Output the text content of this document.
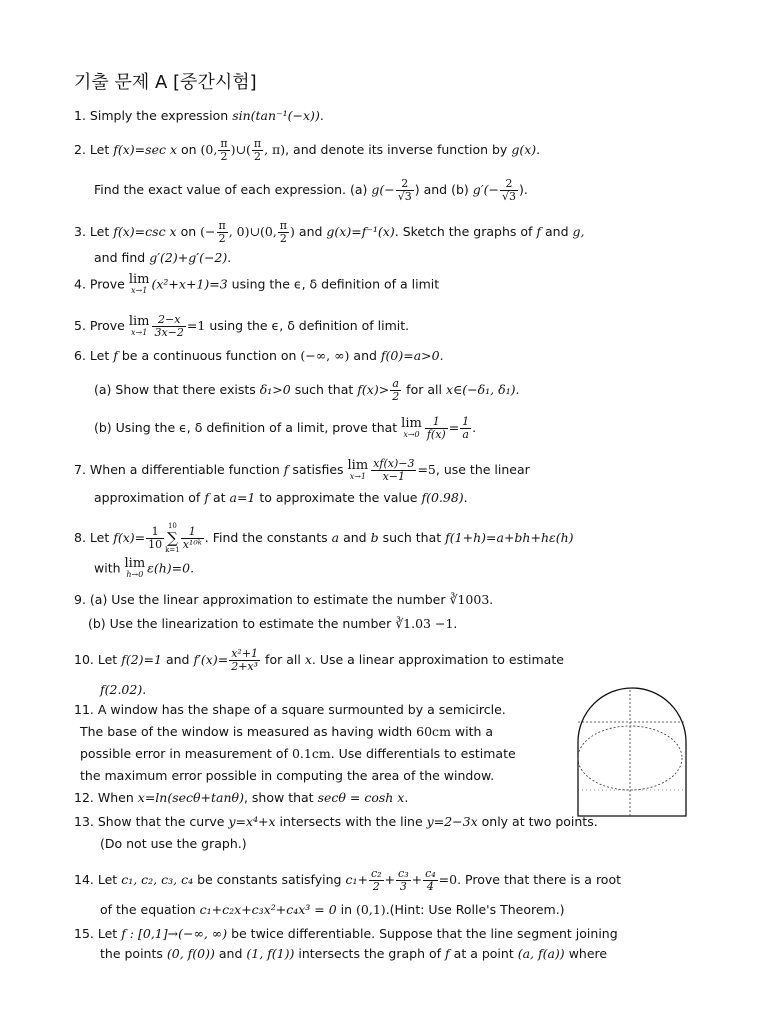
기출 문제 A [중간시험]
1. Simply the expression sin(tan⁻¹(−x)).
2. Let f(x)=sec x on (0, $\frac{\pi}{2}$ )∪( $\frac{\pi}{2}$ , π), and denote its inverse function by g(x).
Find the exact value of each expression. (a) $g(- \frac{2}{√3}$ ) and (b) $g'(- \frac{2}{√3}$ ).
3. Let f(x)=csc x on (− $\frac{\pi}{2}$ , 0)∪(0, $\frac{\pi}{2}$ ) and g(x)=f⁻¹(x). Sketch the graphs of f and g,
and find g′(2)+g′(−2).
4. Prove lim
x→1 (x²+x+1)=3 using the ϵ, δ definition of a limit
5. Prove lim
$x\to 1 \frac{2-x}{3x-2} =1$ using the ϵ, δ definition of limit.
6. Let f be a continuous function on (−∞, ∞) and f(0)=a>0.
(a) Show that there exists δ₁>0 such that $f(x)> \frac{a}{2}$ for all x∈(−δ₁, δ₁).
(b) Using the ϵ, δ definition of a limit, prove that lim
$x\to 0 \frac{1}{f(x)} = \frac{1}{a}$ .
7. When a differentiable function f satisfies lim
$x\to 1 \frac{xf(x)-3}{x-1} =5$, use the linear
approximation of f at a=1 to approximate the value f(0.98).
8. Let $f(x)= \frac{1}{10} 10$
∑
$k=1 \frac{1}{\text{x¹⁰ᵏ}}$ . Find the constants a and b such that f(1+h)=a+bh+hε(h)
with lim
h→0 ε(h)=0.
9. (a) Use the linear approximation to estimate the number ∛1003.
(b) Use the linearization to estimate the number ∛1.03 −1.
10. Let f(2)=1 and $f'(x)= \frac{\text{x²+1}}{\text{2+x³}}$ for all x. Use a linear approximation to estimate
f(2.02).
11. A window has the shape of a square surmounted by a semicircle.
The base of the window is measured as having width 60cm with a
possible error in measurement of 0.1cm. Use differentials to estimate
the maximum error possible in computing the area of the window.
12. When x=ln(secθ+tanθ), show that secθ = cosh x.
13. Show that the curve y=x⁴+x intersects with the line y=2−3x only at two points.
(Do not use the graph.)
14. Let c₁, c₂, c₃, c₄ be constants satisfying $c_1+ \frac{\text{c₂}}{2} + \frac{\text{c₃}}{3} + \frac{\text{c₄}}{4} =0$. Prove that there is a root
of the equation c₁+c₂x+c₃x²+c₄x³ = 0 in (0,1).(Hint: Use Rolle's Theorem.)
15. Let f : [0,1]→(−∞, ∞) be twice differentiable. Suppose that the line segment joining
the points (0, f(0)) and (1, f(1)) intersects the graph of f at a point (a, f(a)) where
